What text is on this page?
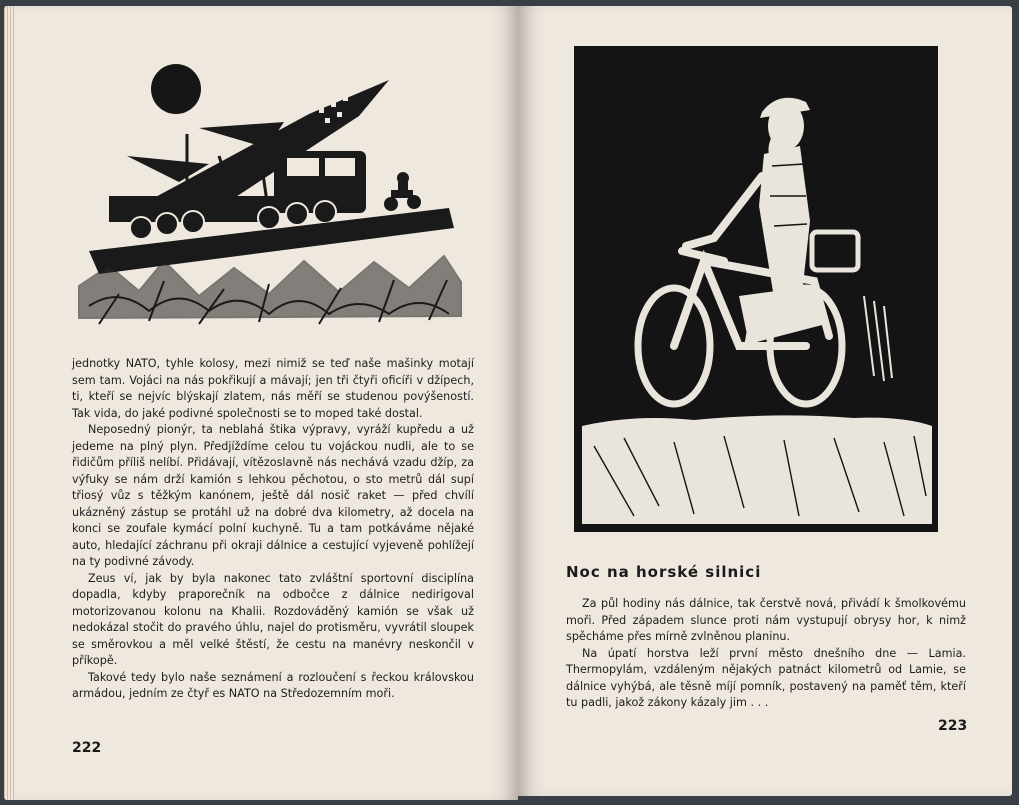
jednotky NATO, tyhle kolosy, mezi nimiž se teď naše mašinky motají sem tam. Vojáci na nás pokřikují a mávají; jen tři čtyři oficíři v džípech, ti, kteří se nejvíc blýskají zlatem, nás měří se studenou povýšeností. Tak vida, do jaké podivné společnosti se to moped také dostal.

Neposedný pionýr, ta neblahá štika výpravy, vyráží kupředu a už jedeme na plný plyn. Předjíždíme celou tu vojáckou nudli, ale to se řidičům příliš nelíbí. Přidávají, vítězoslavně nás nechává vzadu džíp, za výfuky se nám drží kamión s lehkou pěchotou, o sto metrů dál supí třiosý vůz s těžkým kanónem, ještě dál nosič raket — před chvílí ukázněný zástup se protáhl už na dobré dva kilometry, až docela na konci se zoufale kymácí polní kuchyně. Tu a tam potkáváme nějaké auto, hledající záchranu při okraji dálnice a cestující vyjeveně pohlížejí na ty podivné závody.

Zeus ví, jak by byla nakonec tato zvláštní sportovní disciplína dopadla, kdyby praporečník na odbočce z dálnice nedirigoval motorizovanou kolonu na Khalii. Rozdováděný kamión se však už nedokázal stočit do pravého úhlu, najel do protisměru, vyvrátil sloupek se směrovkou a měl velké štěstí, že cestu na manévry neskončil v příkopě.

Takové tedy bylo naše seznámení a rozloučení s řeckou královskou armádou, jedním ze čtyř es NATO na Středozemním moři.

222
Noc na horské silnici

Za půl hodiny nás dálnice, tak čerstvě nová, přivádí k šmolkovému moři. Před západem slunce proti nám vystupují obrysy hor, k nimž spěcháme přes mírně zvlněnou planinu.

Na úpatí horstva leží první město dnešního dne — Lamia. Thermopylám, vzdáleným nějakých patnáct kilometrů od Lamie, se dálnice vyhýbá, ale těsně míjí pomník, postavený na paměť těm, kteří tu padli, jakož zákony kázaly jim . . .

223
